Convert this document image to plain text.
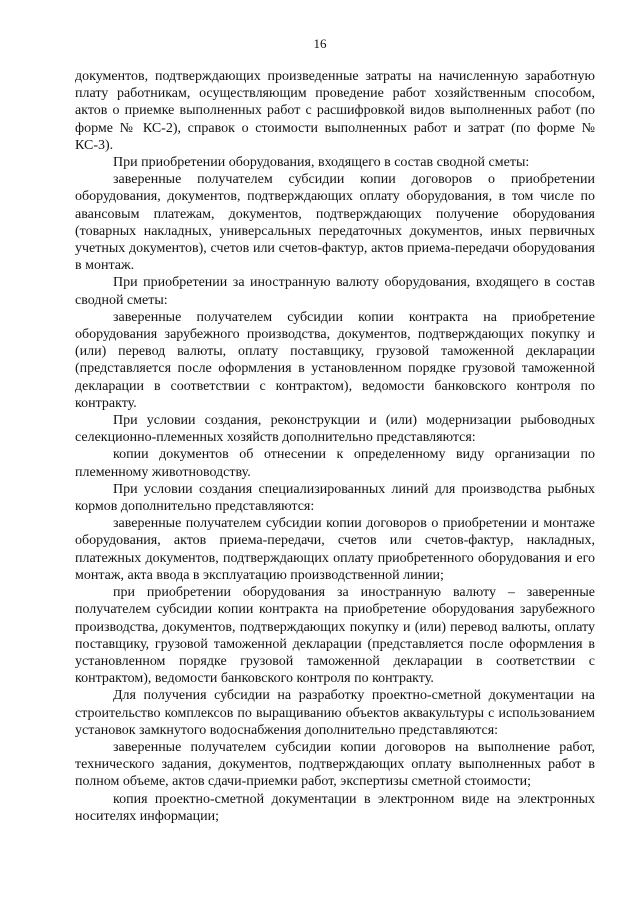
16

документов, подтверждающих произведенные затраты на начисленную заработную плату работникам, осуществляющим проведение работ хозяйственным способом, актов о приемке выполненных работ с расшифровкой видов выполненных работ (по форме № КС-2), справок о стоимости выполненных работ и затрат (по форме № КС-3).

При приобретении оборудования, входящего в состав сводной сметы:

заверенные получателем субсидии копии договоров о приобретении оборудования, документов, подтверждающих оплату оборудования, в том числе по авансовым платежам, документов, подтверждающих получение оборудования (товарных накладных, универсальных передаточных документов, иных первичных учетных документов), счетов или счетов-фактур, актов приема-передачи оборудования в монтаж.

При приобретении за иностранную валюту оборудования, входящего в состав сводной сметы:

заверенные получателем субсидии копии контракта на приобретение оборудования зарубежного производства, документов, подтверждающих покупку и (или) перевод валюты, оплату поставщику, грузовой таможенной декларации (представляется после оформления в установленном порядке грузовой таможенной декларации в соответствии с контрактом), ведомости банковского контроля по контракту.

При условии создания, реконструкции и (или) модернизации рыбоводных селекционно-племенных хозяйств дополнительно представляются:

копии документов об отнесении к определенному виду организации по племенному животноводству.

При условии создания специализированных линий для производства рыбных кормов дополнительно представляются:

заверенные получателем субсидии копии договоров о приобретении и монтаже оборудования, актов приема-передачи, счетов или счетов-фактур, накладных, платежных документов, подтверждающих оплату приобретенного оборудования и его монтаж, акта ввода в эксплуатацию производственной линии;

при приобретении оборудования за иностранную валюту – заверенные получателем субсидии копии контракта на приобретение оборудования зарубежного производства, документов, подтверждающих покупку и (или) перевод валюты, оплату поставщику, грузовой таможенной декларации (представляется после оформления в установленном порядке грузовой таможенной декларации в соответствии с контрактом), ведомости банковского контроля по контракту.

Для получения субсидии на разработку проектно-сметной документации на строительство комплексов по выращиванию объектов аквакультуры с использованием установок замкнутого водоснабжения дополнительно представляются:

заверенные получателем субсидии копии договоров на выполнение работ, технического задания, документов, подтверждающих оплату выполненных работ в полном объеме, актов сдачи-приемки работ, экспертизы сметной стоимости;

копия проектно-сметной документации в электронном виде на электронных носителях информации;
